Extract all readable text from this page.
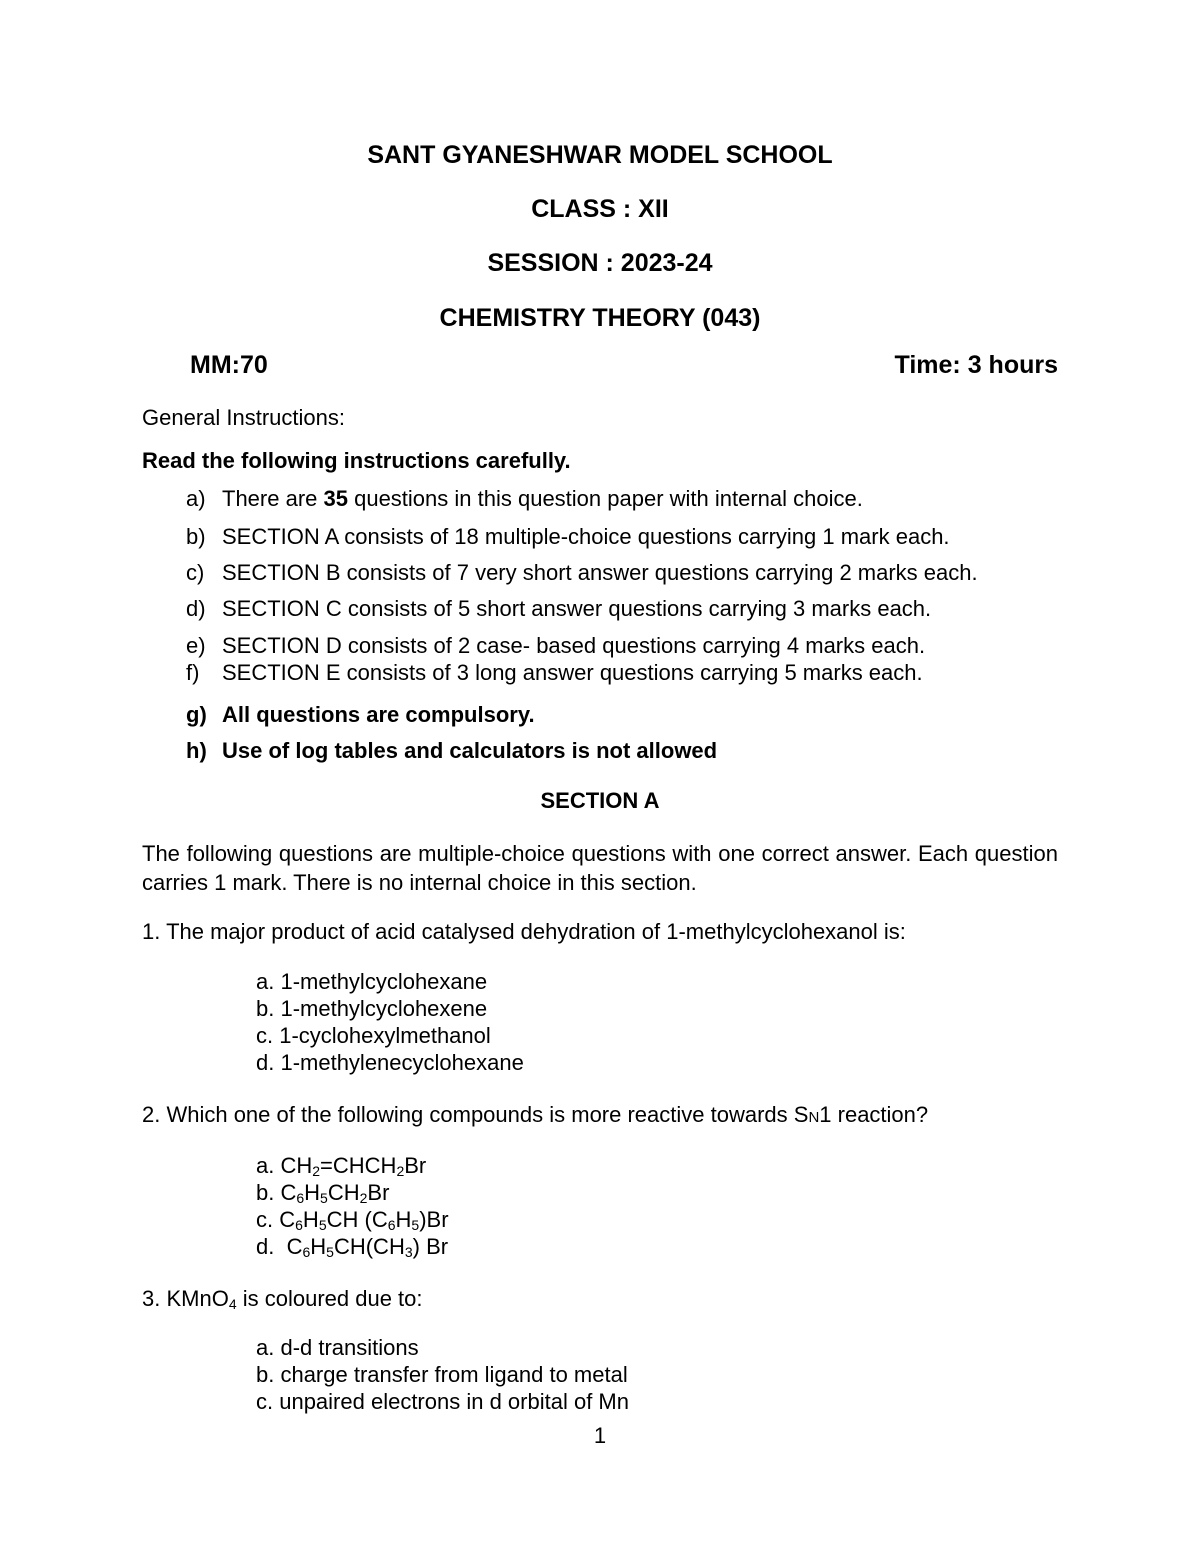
SANT GYANESHWAR MODEL SCHOOL
CLASS : XII
SESSION : 2023-24
CHEMISTRY THEORY (043)
MM:70	Time: 3 hours
General Instructions:
Read the following instructions carefully.
a) There are 35 questions in this question paper with internal choice.
b) SECTION A consists of 18 multiple-choice questions carrying 1 mark each.
c) SECTION B consists of 7 very short answer questions carrying 2 marks each.
d) SECTION C consists of 5 short answer questions carrying 3 marks each.
e) SECTION D consists of 2 case- based questions carrying 4 marks each.
f) SECTION E consists of 3 long answer questions carrying 5 marks each.
g) All questions are compulsory.
h) Use of log tables and calculators is not allowed
SECTION A
The following questions are multiple-choice questions with one correct answer. Each question carries 1 mark. There is no internal choice in this section.
1. The major product of acid catalysed dehydration of 1-methylcyclohexanol is:
a. 1-methylcyclohexane
b. 1-methylcyclohexene
c. 1-cyclohexylmethanol
d. 1-methylenecyclohexane
2. Which one of the following compounds is more reactive towards SN1 reaction?
a. $CH_2=CHCH_2Br$
b. $C_6H_5CH_2Br$
c. $C_6H_5CH$ $(C_6H_5)Br$
d.  $C_6H_5CH(CH_3)$ Br
3. KMnO$_4$ is coloured due to:
a. d-d transitions
b. charge transfer from ligand to metal
c. unpaired electrons in d orbital of Mn
1
